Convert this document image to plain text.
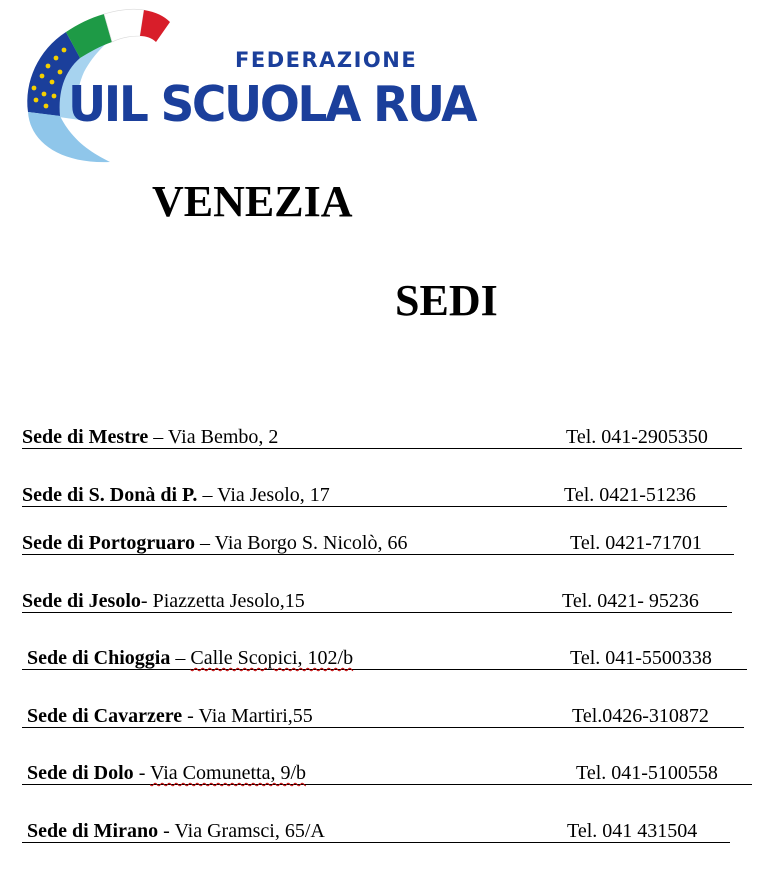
FEDERAZIONE
UIL SCUOLA RUA
VENEZIA
SEDI
Sede di Mestre – Via Bembo, 2	Tel. 041-2905350
Sede di S. Donà di P. – Via Jesolo, 17	Tel. 0421-51236
Sede di Portogruaro – Via Borgo S. Nicolò, 66	Tel. 0421-71701
Sede di Jesolo- Piazzetta Jesolo,15	Tel. 0421- 95236
Sede di Chioggia – Calle Scopici, 102/b	Tel. 041-5500338
Sede di Cavarzere - Via Martiri,55	Tel.0426-310872
Sede di Dolo - Via Comunetta, 9/b	Tel. 041-5100558
Sede di Mirano - Via Gramsci, 65/A	Tel. 041 431504
